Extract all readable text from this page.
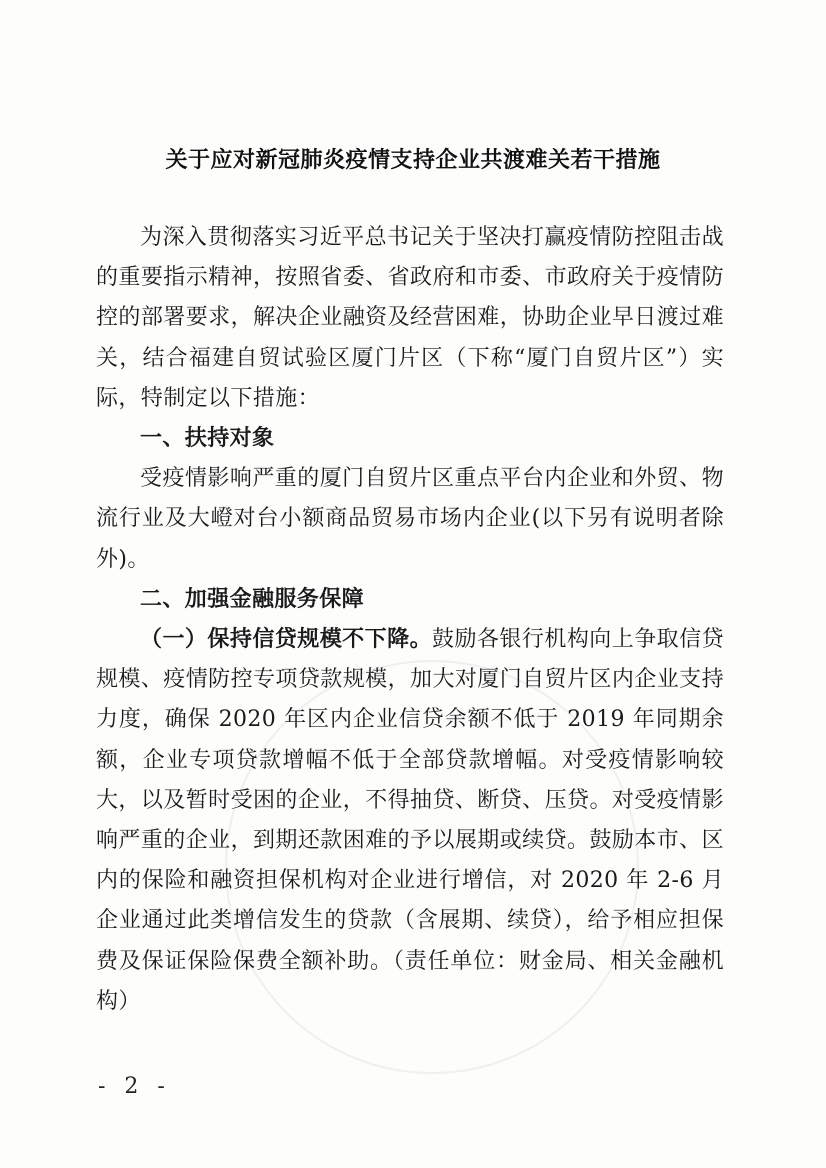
关于应对新冠肺炎疫情支持企业共渡难关若干措施

为深入贯彻落实习近平总书记关于坚决打赢疫情防控阻击战的重要指示精神，按照省委、省政府和市委、市政府关于疫情防控的部署要求，解决企业融资及经营困难，协助企业早日渡过难关，结合福建自贸试验区厦门片区（下称“厦门自贸片区”）实际，特制定以下措施：

一、扶持对象

受疫情影响严重的厦门自贸片区重点平台内企业和外贸、物流行业及大嶝对台小额商品贸易市场内企业(以下另有说明者除外)。

二、加强金融服务保障

（一）保持信贷规模不下降。鼓励各银行机构向上争取信贷规模、疫情防控专项贷款规模，加大对厦门自贸片区内企业支持力度，确保 2020 年区内企业信贷余额不低于 2019 年同期余额，企业专项贷款增幅不低于全部贷款增幅。对受疫情影响较大，以及暂时受困的企业，不得抽贷、断贷、压贷。对受疫情影响严重的企业，到期还款困难的予以展期或续贷。鼓励本市、区内的保险和融资担保机构对企业进行增信，对 2020 年 2-6 月企业通过此类增信发生的贷款（含展期、续贷），给予相应担保费及保证保险保费全额补助。（责任单位：财金局、相关金融机构）

- 2 -
